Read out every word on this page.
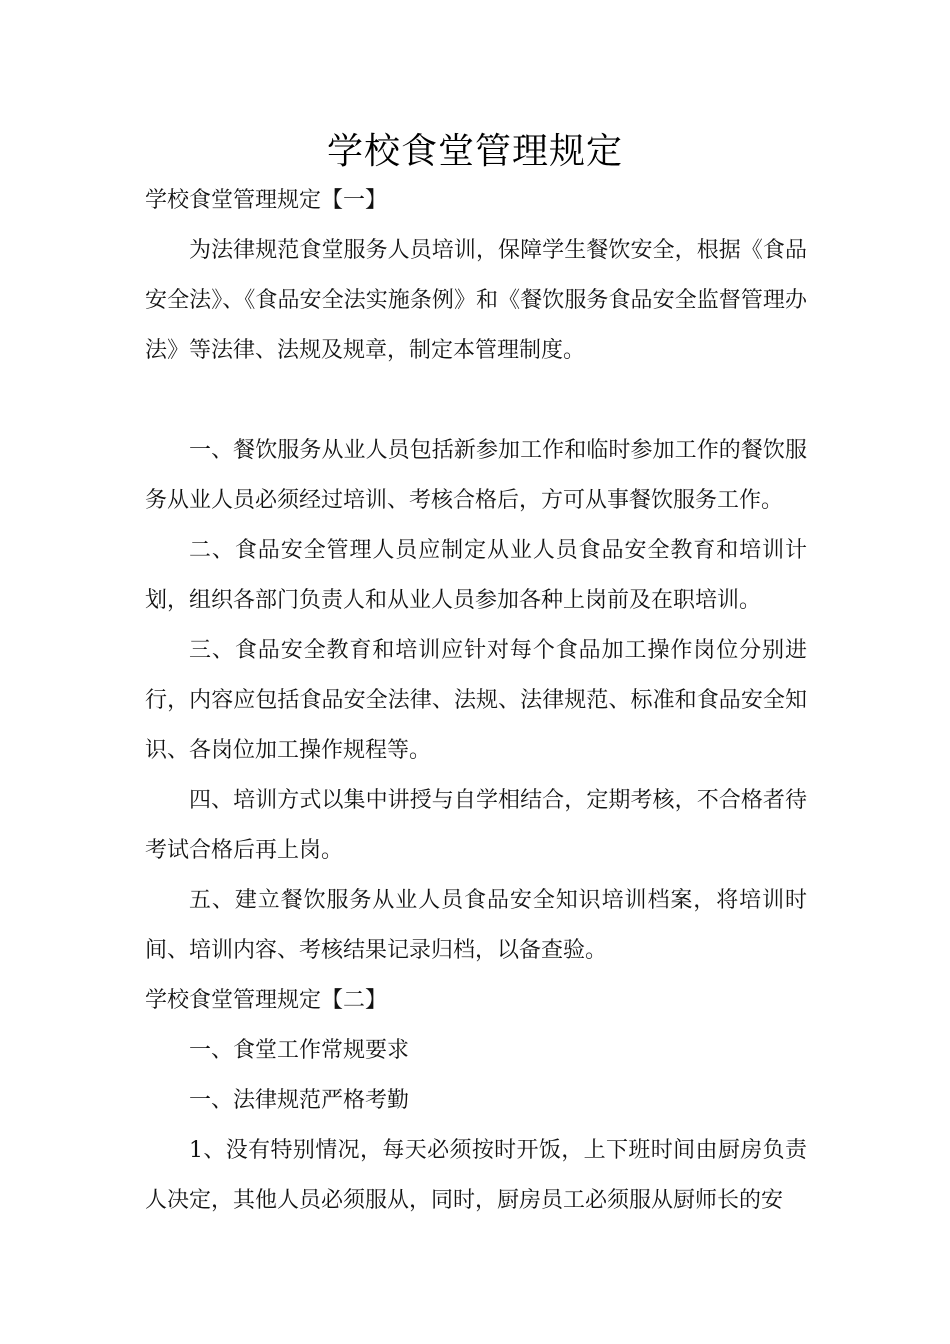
学校食堂管理规定

学校食堂管理规定【一】

为法律规范食堂服务人员培训，保障学生餐饮安全，根据《食品安全法》、《食品安全法实施条例》和《餐饮服务食品安全监督管理办法》等法律、法规及规章，制定本管理制度。

一、餐饮服务从业人员包括新参加工作和临时参加工作的餐饮服务从业人员必须经过培训、考核合格后，方可从事餐饮服务工作。

二、食品安全管理人员应制定从业人员食品安全教育和培训计划，组织各部门负责人和从业人员参加各种上岗前及在职培训。

三、食品安全教育和培训应针对每个食品加工操作岗位分别进行，内容应包括食品安全法律、法规、法律规范、标准和食品安全知识、各岗位加工操作规程等。

四、培训方式以集中讲授与自学相结合，定期考核，不合格者待考试合格后再上岗。

五、建立餐饮服务从业人员食品安全知识培训档案，将培训时间、培训内容、考核结果记录归档，以备查验。

学校食堂管理规定【二】

一、食堂工作常规要求

一、法律规范严格考勤

1、没有特别情况，每天必须按时开饭，上下班时间由厨房负责人决定，其他人员必须服从，同时，厨房员工必须服从厨师长的安
